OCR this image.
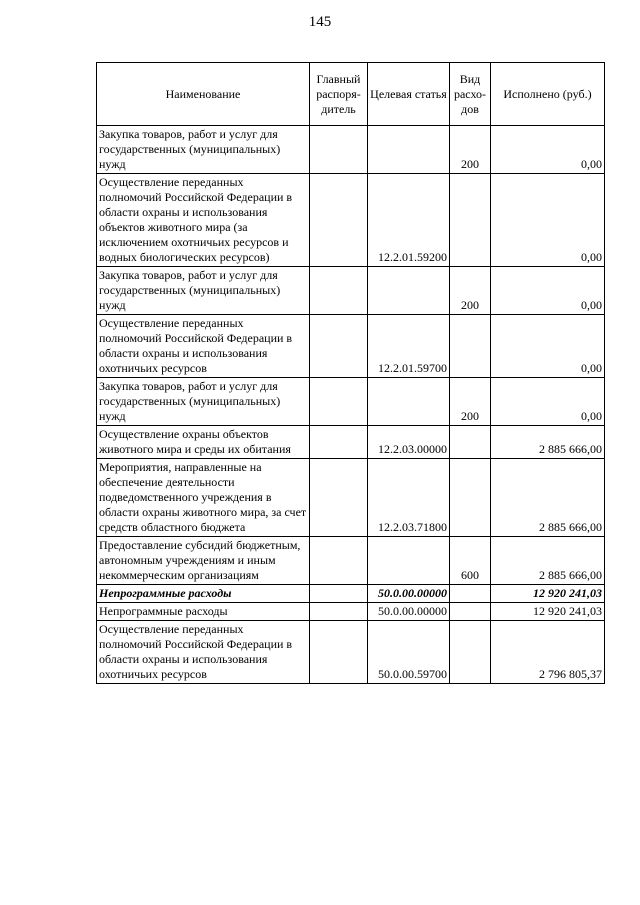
145
Наименование	Главный распоря-дитель	Целевая статья	Вид расхо-дов	Исполнено (руб.)

Закупка товаров, работ и услуг для государственных (муниципальных) нужд			200	0,00
Осуществление переданных полномочий Российской Федерации в области охраны и использования объектов животного мира (за исключением охотничьих ресурсов и водных биологических ресурсов)		12.2.01.59200		0,00
Закупка товаров, работ и услуг для государственных (муниципальных) нужд			200	0,00
Осуществление переданных полномочий Российской Федерации в области охраны и использования охотничьих ресурсов		12.2.01.59700		0,00
Закупка товаров, работ и услуг для государственных (муниципальных) нужд			200	0,00
Осуществление охраны объектов животного мира и среды их обитания		12.2.03.00000		2 885 666,00
Мероприятия, направленные на обеспечение деятельности подведомственного учреждения в области охраны животного мира, за счет средств областного бюджета		12.2.03.71800		2 885 666,00
Предоставление субсидий бюджетным, автономным учреждениям и иным некоммерческим организациям			600	2 885 666,00
Непрограммные расходы		50.0.00.00000		12 920 241,03
Непрограммные расходы		50.0.00.00000		12 920 241,03
Осуществление переданных полномочий Российской Федерации в области охраны и использования охотничьих ресурсов		50.0.00.59700		2 796 805,37
